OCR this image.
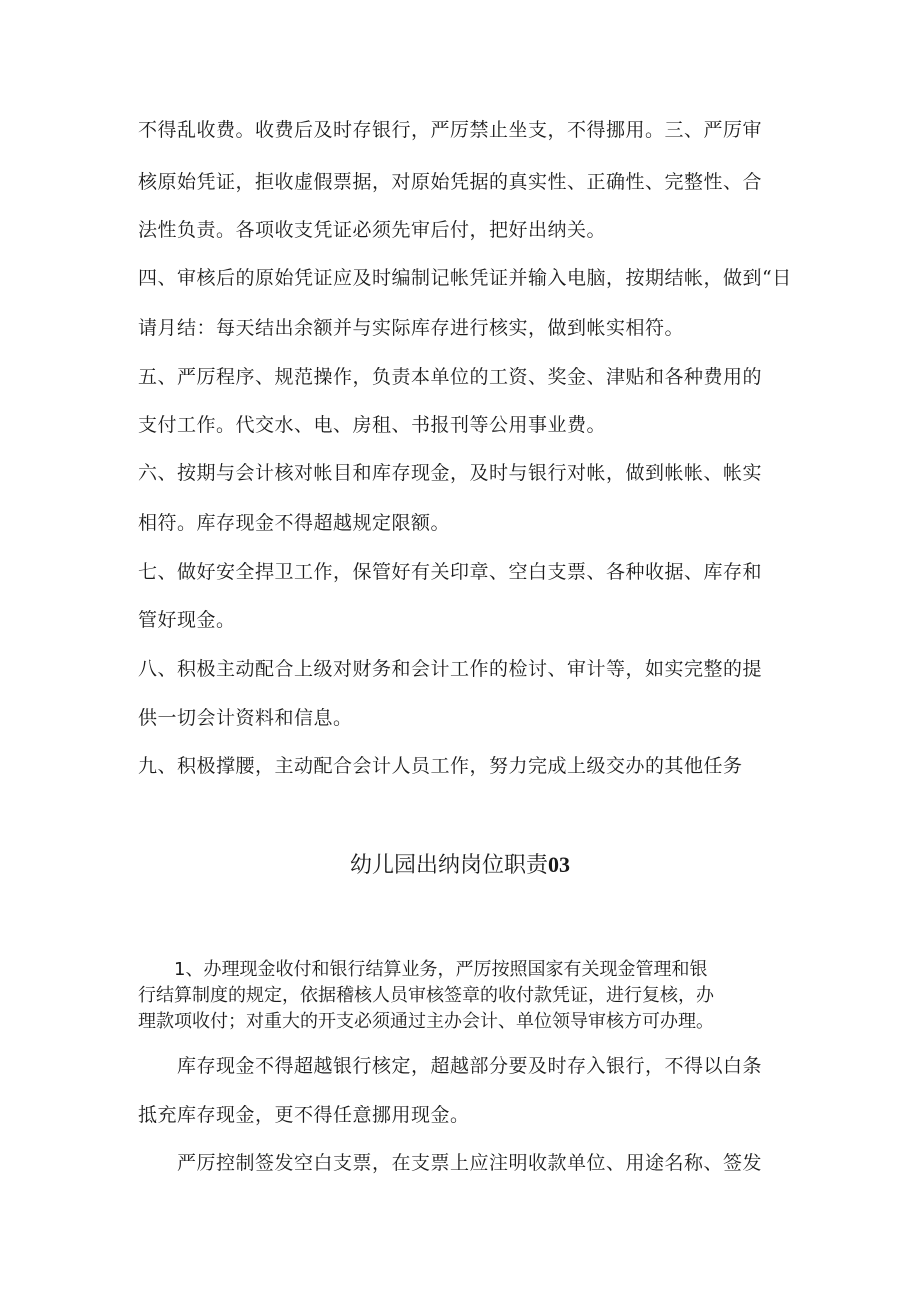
不得乱收费。收费后及时存银行，严厉禁止坐支，不得挪用。三、严厉审
核原始凭证，拒收虚假票据，对原始凭据的真实性、正确性、完整性、合
法性负责。各项收支凭证必须先审后付，把好出纳关。
四、审核后的原始凭证应及时编制记帐凭证并输入电脑，按期结帐，做到“日
请月结：每天结出余额并与实际库存进行核实，做到帐实相符。
五、严厉程序、规范操作，负责本单位的工资、奖金、津贴和各种费用的
支付工作。代交水、电、房租、书报刊等公用事业费。
六、按期与会计核对帐目和库存现金，及时与银行对帐，做到帐帐、帐实
相符。库存现金不得超越规定限额。
七、做好安全捍卫工作，保管好有关印章、空白支票、各种收据、库存和
管好现金。
八、积极主动配合上级对财务和会计工作的检讨、审计等，如实完整的提
供一切会计资料和信息。
九、积极撑腰，主动配合会计人员工作，努力完成上级交办的其他任务
幼儿园出纳岗位职责03
　　1、办理现金收付和银行结算业务，严厉按照国家有关现金管理和银
行结算制度的规定，依据稽核人员审核签章的收付款凭证，进行复核，办
理款项收付；对重大的开支必须通过主办会计、单位领导审核方可办理。
　　库存现金不得超越银行核定，超越部分要及时存入银行，不得以白条
抵充库存现金，更不得任意挪用现金。
　　严厉控制签发空白支票，在支票上应注明收款单位、用途名称、签发
